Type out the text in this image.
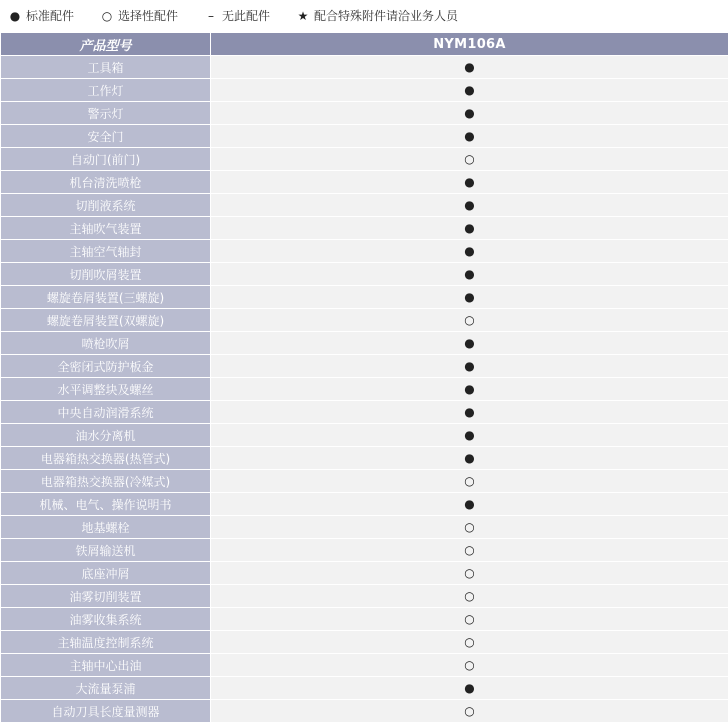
● 标准配件 ○ 选择性配件	– 无此配件 ★ 配合特殊附件请洽业务人员
产品型号	NYM106A
工具箱	●
工作灯	●
警示灯	●
安全门	●
自动门(前门)	○
机台清洗喷枪	●
切削液系统	●
主轴吹气装置	●
主轴空气轴封	●
切削吹屑装置	●
螺旋卷屑装置(三螺旋)	●
螺旋卷屑装置(双螺旋)	○
喷枪吹屑	●
全密闭式防护板金	●
水平调整块及螺丝	●
中央自动润滑系统	●
油水分离机	●
电器箱热交换器(热管式)	●
电器箱热交换器(冷媒式)	○
机械、电气、操作说明书	●
地基螺栓	○
铁屑输送机	○
底座冲屑	○
油雾切削装置	○
油雾收集系统	○
主轴温度控制系统	○
主轴中心出油	○
大流量泵浦	●
自动刀具长度量测器	○
